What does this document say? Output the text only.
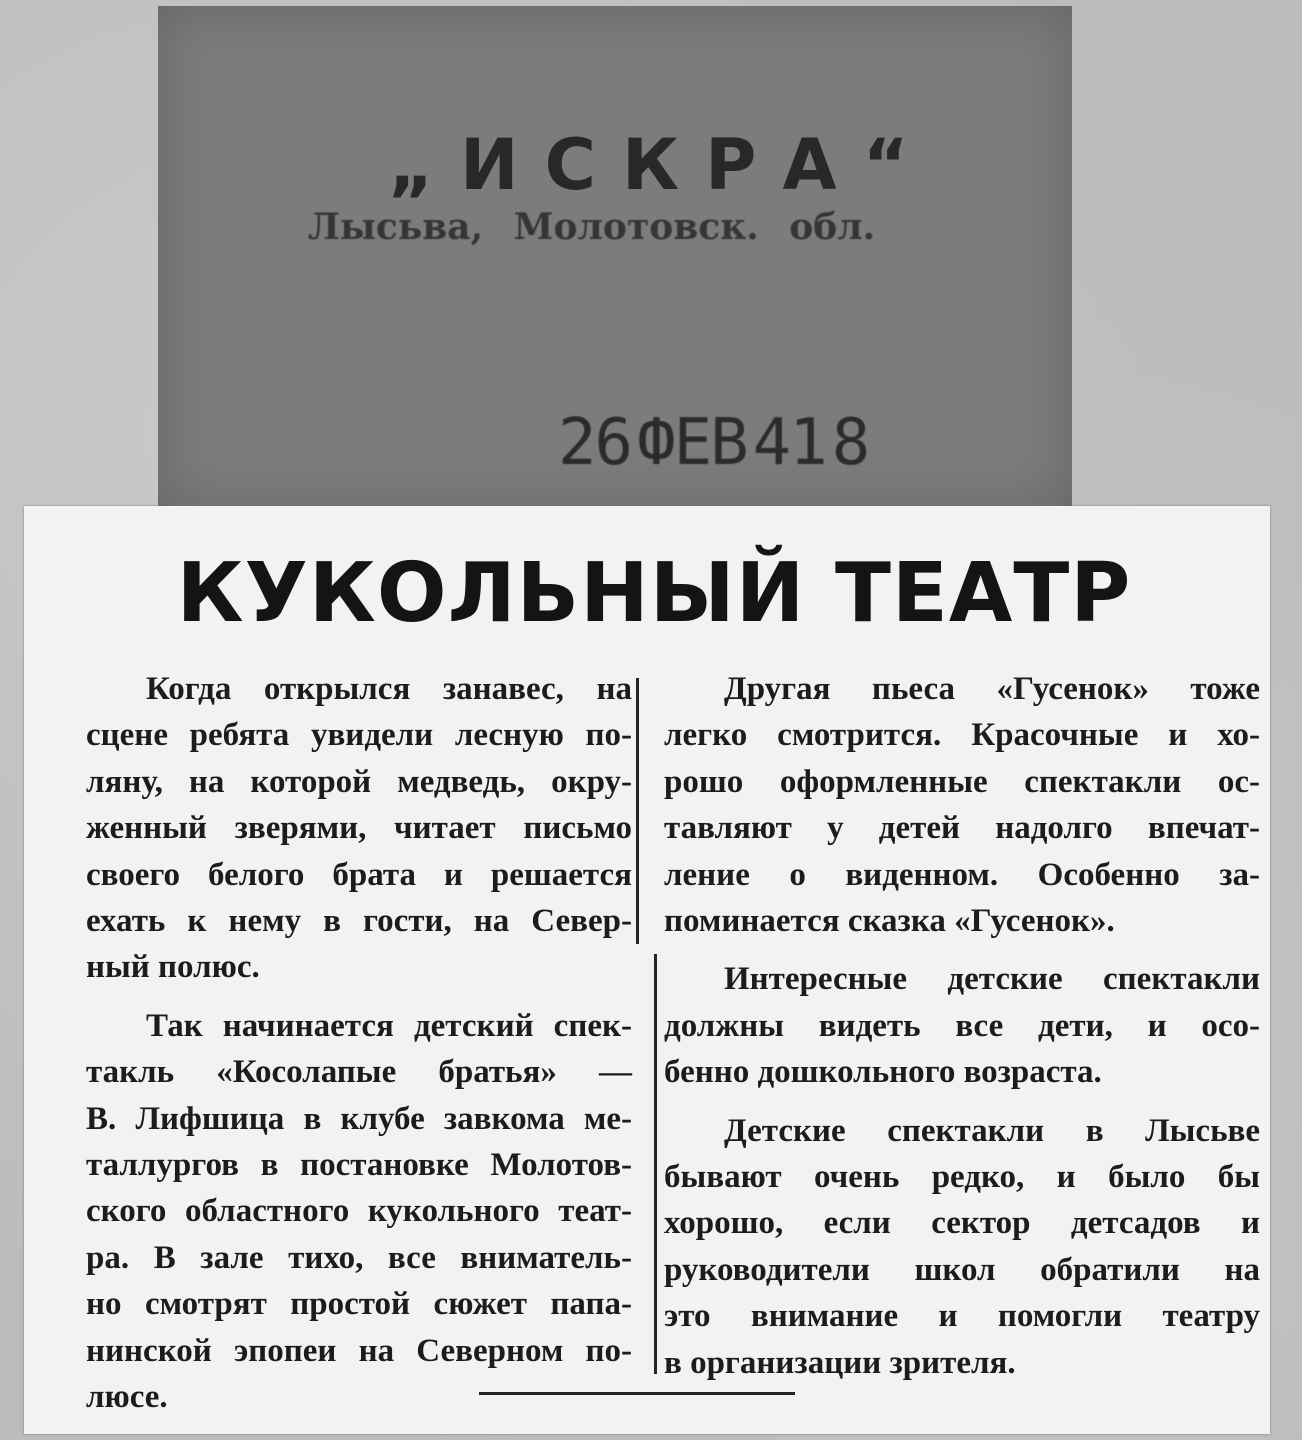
„ИСКРА“
Лысьва, Молотовск. обл.
26ФЕВ418
КУКОЛЬНЫЙ ТЕАТР

Когда открылся занавес, на
сцене ребята увидели лесную по-
ляну, на которой медведь, окру-
женный зверями, читает письмо
своего белого брата и решается
ехать к нему в гости, на Север-
ный полюс.

Так начинается детский спек-
такль «Косолапые братья» —
В. Лифшица в клубе завкома ме-
таллургов в постановке Молотов-
ского областного кукольного теат-
ра. В зале тихо, все вниматель-
но смотрят простой сюжет папа-
нинской эпопеи на Северном по-
люсе.

Другая пьеса «Гусенок» тоже
легко смотрится. Красочные и хо-
рошо оформленные спектакли ос-
тавляют у детей надолго впечат-
ление о виденном. Особенно за-
поминается сказка «Гусенок».

Интересные детские спектакли
должны видеть все дети, и осо-
бенно дошкольного возраста.

Детские спектакли в Лысьве
бывают очень редко, и было бы
хорошо, если сектор детсадов и
руководители школ обратили на
это внимание и помогли театру
в организации зрителя.
